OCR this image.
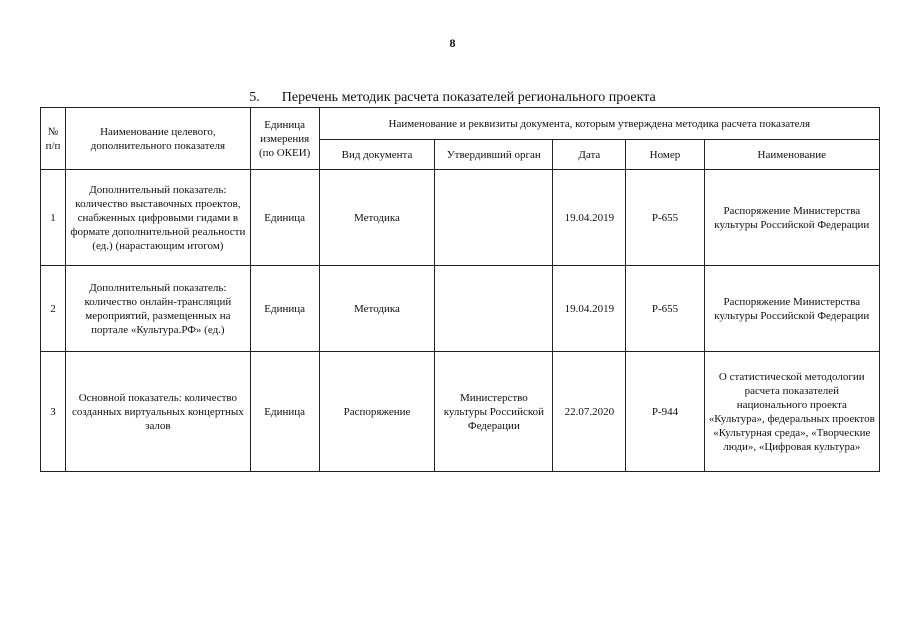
8
5. Перечень методик расчета показателей регионального проекта
№ п/п	Наименование целевого, дополнительного показателя	Единица измерения (по ОКЕИ)	Наименование и реквизиты документа, которым утверждена методика расчета показателя				
			Вид документа	Утвердивший орган	Дата	Номер	Наименование
1	Дополнительный показатель: количество выставочных проектов, снабженных цифровыми гидами в формате дополнительной реальности (ед.) (нарастающим итогом)	Единица	Методика		19.04.2019	Р-655	Распоряжение Министерства культуры Российской Федерации
2	Дополнительный показатель: количество онлайн-трансляций мероприятий, размещенных на портале «Культура.РФ» (ед.)	Единица	Методика		19.04.2019	Р-655	Распоряжение Министерства культуры Российской Федерации
3	Основной показатель: количество созданных виртуальных концертных залов	Единица	Распоряжение	Министерство культуры Российской Федерации	22.07.2020	Р-944	О статистической методологии расчета показателей национального проекта «Культура», федеральных проектов «Культурная среда», «Творческие люди», «Цифровая культура»
